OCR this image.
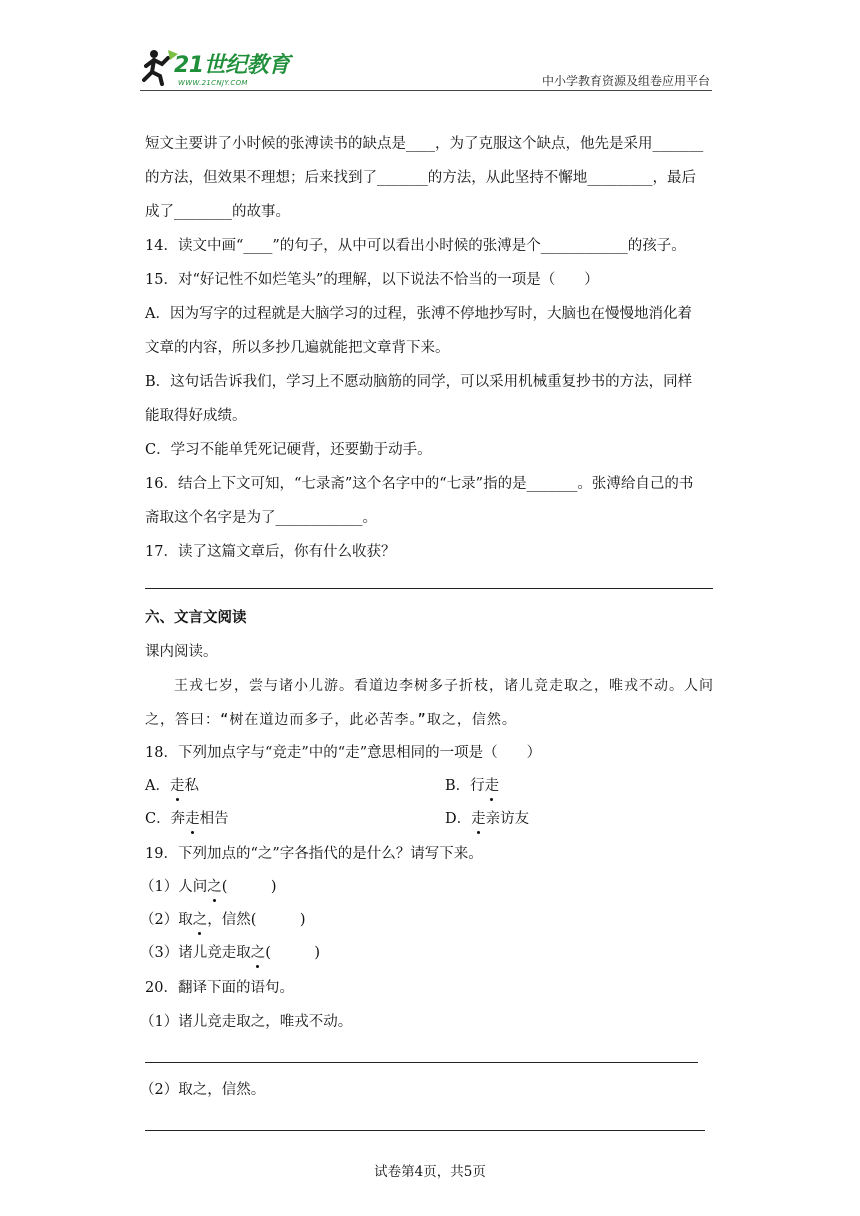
21世纪教育
WWW.21CNJY.COM	中小学教育资源及组卷应用平台
短文主要讲了小时候的张溥读书的缺点是____，为了克服这个缺点，他先是采用_______
的方法，但效果不理想；后来找到了_______的方法，从此坚持不懈地_________，最后
成了________的故事。
14．读文中画“____”的句子，从中可以看出小时候的张溥是个____________的孩子。
15．对“好记性不如烂笔头”的理解，以下说法不恰当的一项是（　　）
A．因为写字的过程就是大脑学习的过程，张溥不停地抄写时，大脑也在慢慢地消化着
文章的内容，所以多抄几遍就能把文章背下来。
B．这句话告诉我们，学习上不愿动脑筋的同学，可以采用机械重复抄书的方法，同样
能取得好成绩。
C．学习不能单凭死记硬背，还要勤于动手。
16．结合上下文可知，“七录斋”这个名字中的“七录”指的是_______。张溥给自己的书
斋取这个名字是为了____________。
17．读了这篇文章后，你有什么收获？
六、文言文阅读
课内阅读。
王戎七岁，尝与诸小儿游。看道边李树多子折枝，诸儿竞走取之，唯戎不动。人问
之，答曰：“树在道边而多子，此必苦李。”取之，信然。
18．下列加点字与“竞走”中的“走”意思相同的一项是（　　）
A．走私	B．行走
C．奔走相告	D．走亲访友
19．下列加点的“之”字各指代的是什么？请写下来。
（1）人问之(　　　)
（2）取之，信然(　　　)
（3）诸儿竞走取之(　　　)
20．翻译下面的语句。
（1）诸儿竞走取之，唯戎不动。
（2）取之，信然。
试卷第4页，共5页
